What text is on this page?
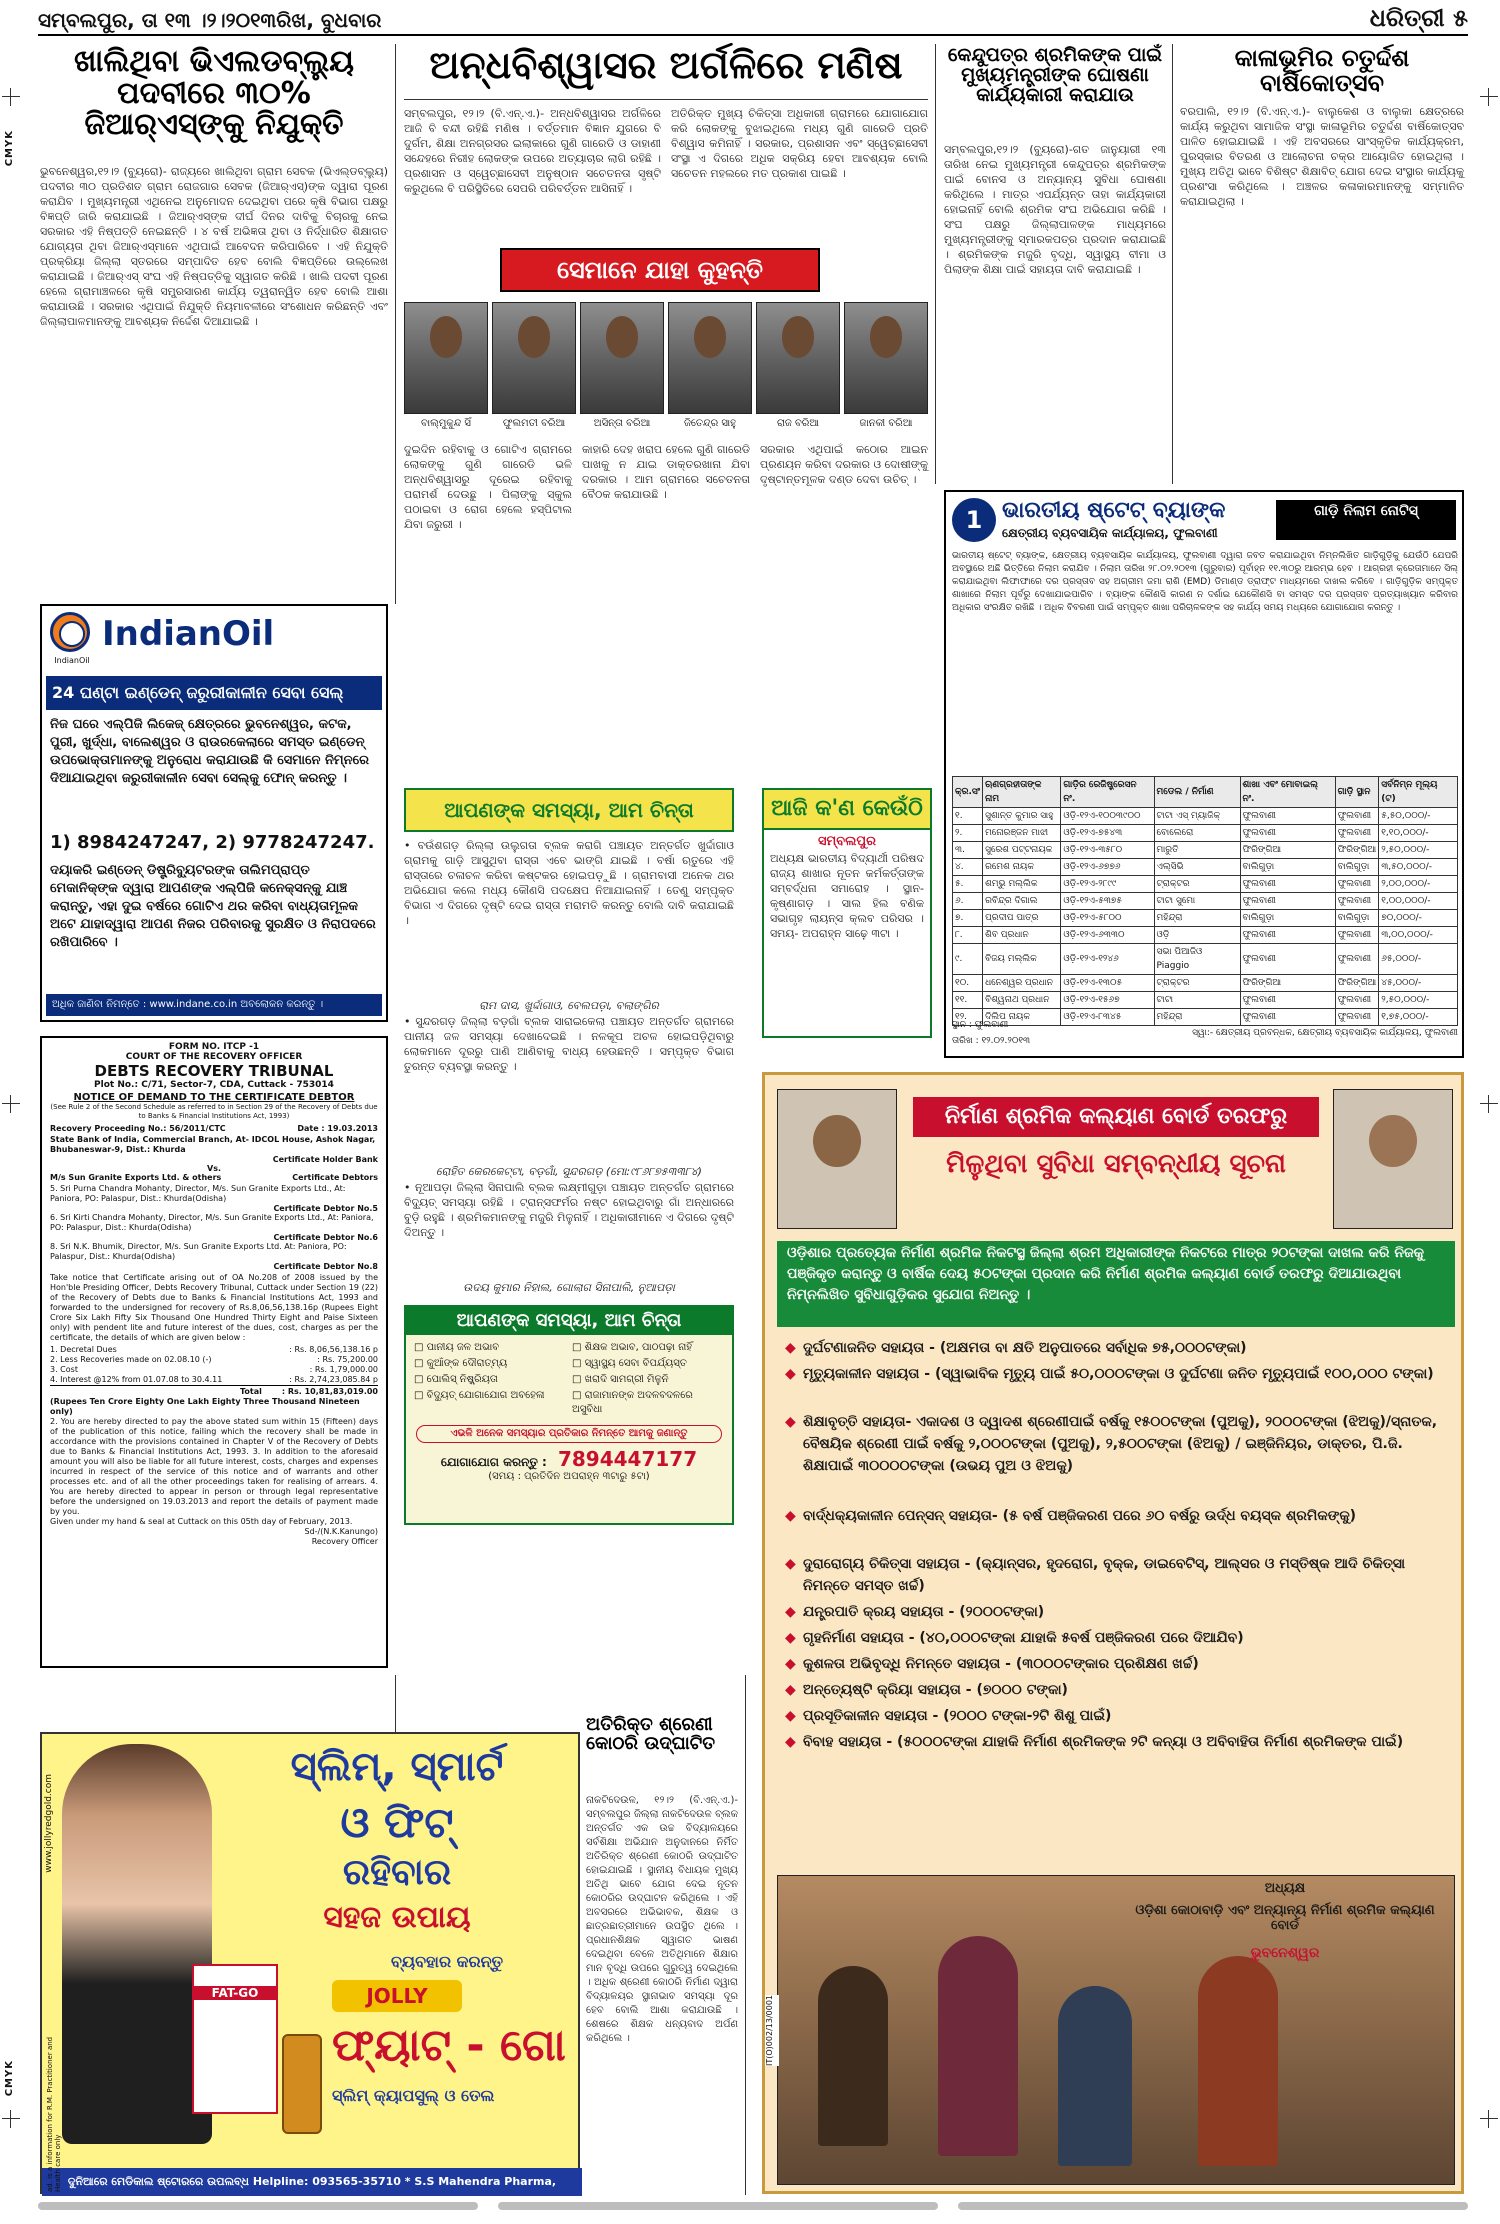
ସମ୍ବଲପୁର, ତା ୧୩ ।୨।୨୦୧୩ରିଖ, ବୁଧବାର	ଧରିତ୍ରୀ ୫
CMYK
CMYK
ଖାଲିଥିବା ଭିଏଲଡବ୍ଲ୍ୟୁ ପଦବୀରେ ୩୦% ଜିଆର୍‌ଏସ୍‌ଙ୍କୁ ନିଯୁକ୍ତି
ଭୁବନେଶ୍ୱର,୧୨।୨ (ବ୍ୟୁରୋ)- ରାଜ୍ୟରେ ଖାଲିଥିବା ଗ୍ରାମ ସେବକ (ଭିଏଲ୍‌ଡବ୍ଲ୍ୟୁ) ପଦବୀର ୩୦ ପ୍ରତିଶତ ଗ୍ରାମ ରୋଜଗାର ସେବକ (ଜିଆର୍‌ଏସ୍)ଙ୍କ ଦ୍ୱାରା ପୂରଣ କରାଯିବ । ମୁଖ୍ୟମନ୍ତ୍ରୀ ଏଥିନେଇ ଅନୁମୋଦନ ଦେଇଥିବା ପରେ କୃଷି ବିଭାଗ ପକ୍ଷରୁ ବିଜ୍ଞପ୍ତି ଜାରି କରାଯାଇଛି । ଜିଆର୍‌ଏସ୍‌ଙ୍କ ଦୀର୍ଘ ଦିନର ଦାବିକୁ ବିଚାରକୁ ନେଇ ସରକାର ଏହି ନିଷ୍ପତ୍ତି ନେଇଛନ୍ତି । ୪ ବର୍ଷ ଅଭିଜ୍ଞତା ଥିବା ଓ ନିର୍ଦ୍ଧାରିତ ଶିକ୍ଷାଗତ ଯୋଗ୍ୟତା ଥିବା ଜିଆର୍‌ଏସ୍‌ମାନେ ଏଥିପାଇଁ ଆବେଦନ କରିପାରିବେ । ଏହି ନିଯୁକ୍ତି ପ୍ରକ୍ରିୟା ଜିଲ୍ଲା ସ୍ତରରେ ସମ୍ପାଦିତ ହେବ ବୋଲି ବିଜ୍ଞପ୍ତିରେ ଉଲ୍ଲେଖ କରାଯାଇଛି । ଜିଆର୍‌ଏସ୍ ସଂଘ ଏହି ନିଷ୍ପତ୍ତିକୁ ସ୍ୱାଗତ କରିଛି । ଖାଲି ପଦବୀ ପୂରଣ ହେଲେ ଗ୍ରାମାଞ୍ଚଳରେ କୃଷି ସମ୍ପ୍ରସାରଣ କାର୍ଯ୍ୟ ତ୍ୱରାନ୍ୱିତ ହେବ ବୋଲି ଆଶା କରାଯାଉଛି । ସରକାର ଏଥିପାଇଁ ନିଯୁକ୍ତି ନିୟମାବଳୀରେ ସଂଶୋଧନ କରିଛନ୍ତି ଏବଂ ଜିଲ୍ଲାପାଳମାନଙ୍କୁ ଆବଶ୍ୟକ ନିର୍ଦ୍ଦେଶ ଦିଆଯାଇଛି ।
ଅନ୍ଧବିଶ୍ୱାସର ଅର୍ଗଳିରେ ମଣିଷ
ସମ୍ବଲପୁର, ୧୨।୨ (ବି.ଏନ୍.ଏ.)- ଅନ୍ଧବିଶ୍ୱାସର ଅର୍ଗଳିରେ ଆଜି ବି ବନ୍ଦୀ ରହିଛି ମଣିଷ । ବର୍ତ୍ତମାନ ବିଜ୍ଞାନ ଯୁଗରେ ବି ଦୁର୍ଗମ, ଶିକ୍ଷା ଅନଗ୍ରସର ଇଲାକାରେ ଗୁଣି ଗାରେଡି ଓ ଡାହାଣୀ ସନ୍ଦେହରେ ନିରୀହ ଲୋକଙ୍କ ଉପରେ ଅତ୍ୟାଚାର ଲାଗି ରହିଛି । ପ୍ରଶାସନ ଓ ସ୍ୱେଚ୍ଛାସେବୀ ଅନୁଷ୍ଠାନ ସଚେତନତା ସୃଷ୍ଟି କରୁଥିଲେ ବି ପରିସ୍ଥିତିରେ ସେପରି ପରିବର୍ତ୍ତନ ଆସିନାହିଁ ।
ଅତିରିକ୍ତ ମୁଖ୍ୟ ଚିକିତ୍ସା ଅଧିକାରୀ ଗ୍ରାମରେ ଯୋଗାଯୋଗ କରି ଲୋକଙ୍କୁ ବୁଝାଇଥିଲେ ମଧ୍ୟ ଗୁଣି ଗାରେଡି ପ୍ରତି ବିଶ୍ୱାସ କମିନାହିଁ । ସରକାର, ପ୍ରଶାସନ ଏବଂ ସ୍ୱେଚ୍ଛାସେବୀ ସଂସ୍ଥା ଏ ଦିଗରେ ଅଧିକ ସକ୍ରିୟ ହେବା ଆବଶ୍ୟକ ବୋଲି ସଚେତନ ମହଲରେ ମତ ପ୍ରକାଶ ପାଇଛି ।
ସେମାନେ ଯାହା କୁହନ୍ତି
ବାଲ୍ମୁକୁନ୍ଦ ସିଁ	ଫୁଲମତୀ ବରିଆ	ଅସିନ୍ତା ବରିଆ	ଜିତେନ୍ଦ୍ର ସାହୁ	ରାଜ ବରିଆ	ଜାନକୀ ବରିଆ
ଦୁଇଦିନ ରହିବାକୁ ଓ ଗୋଟିଏ ଗ୍ରାମରେ ଲୋକଙ୍କୁ ଗୁଣି ଗାରେଡି ଭଳି ଅନ୍ଧବିଶ୍ୱାସରୁ ଦୂରେଇ ରହିବାକୁ ପରାମର୍ଶ ଦେଉଛୁ । ପିଲାଙ୍କୁ ସ୍କୁଲ ପଠାଇବା ଓ ରୋଗ ହେଲେ ହସ୍ପିଟାଲ ଯିବା ଜରୁରୀ ।
କାହାରି ଦେହ ଖରାପ ହେଲେ ଗୁଣି ଗାରେଡି ପାଖକୁ ନ ଯାଇ ଡାକ୍ତରଖାନା ଯିବା ଦରକାର । ଆମ ଗ୍ରାମରେ ସଚେତନତା ବୈଠକ କରାଯାଉଛି ।
ସରକାର ଏଥିପାଇଁ କଠୋର ଆଇନ ପ୍ରଣୟନ କରିବା ଦରକାର ଓ ଦୋଷୀଙ୍କୁ ଦୃଷ୍ଟାନ୍ତମୂଳକ ଦଣ୍ଡ ଦେବା ଉଚିତ୍ ।
କେନ୍ଦୁପତ୍ର ଶ୍ରମିକଙ୍କ ପାଇଁ ମୁଖ୍ୟମନ୍ତ୍ରୀଙ୍କ ଘୋଷଣା କାର୍ଯ୍ୟକାରୀ କରାଯାଉ
ସମ୍ବଲପୁର,୧୨।୨ (ବ୍ୟୁରୋ)-ଗତ ଜାନୁୟାରୀ ୧୩ ତାରିଖ ନେଇ ମୁଖ୍ୟମନ୍ତ୍ରୀ କେନ୍ଦୁପତ୍ର ଶ୍ରମିକଙ୍କ ପାଇଁ ବୋନସ ଓ ଅନ୍ୟାନ୍ୟ ସୁବିଧା ଘୋଷଣା କରିଥିଲେ । ମାତ୍ର ଏପର୍ଯ୍ୟନ୍ତ ତାହା କାର୍ଯ୍ୟକାରୀ ହୋଇନାହିଁ ବୋଲି ଶ୍ରମିକ ସଂଘ ଅଭିଯୋଗ କରିଛି । ସଂଘ ପକ୍ଷରୁ ଜିଲ୍ଲାପାଳଙ୍କ ମାଧ୍ୟମରେ ମୁଖ୍ୟମନ୍ତ୍ରୀଙ୍କୁ ସ୍ମାରକପତ୍ର ପ୍ରଦାନ କରାଯାଇଛି । ଶ୍ରମିକଙ୍କ ମଜୁରି ବୃଦ୍ଧି, ସ୍ୱାସ୍ଥ୍ୟ ବୀମା ଓ ପିଲାଙ୍କ ଶିକ୍ଷା ପାଇଁ ସହାୟତା ଦାବି କରାଯାଇଛି ।
କାଳାଭୂମିର ଚତୁର୍ଦ୍ଦଶ ବାର୍ଷିକୋତ୍ସବ
ବରପାଲି, ୧୨।୨ (ବି.ଏନ୍.ଏ.)- ବାଲୁକେଶ ଓ ବାଲୁକା କ୍ଷେତ୍ରରେ କାର୍ଯ୍ୟ କରୁଥିବା ସାମାଜିକ ସଂସ୍ଥା କାଳାଭୂମିର ଚତୁର୍ଦ୍ଦଶ ବାର୍ଷିକୋତ୍ସବ ପାଳିତ ହୋଇଯାଇଛି । ଏହି ଅବସରରେ ସାଂସ୍କୃତିକ କାର୍ଯ୍ୟକ୍ରମ, ପୁରସ୍କାର ବିତରଣ ଓ ଆଲୋଚନା ଚକ୍ର ଆୟୋଜିତ ହୋଇଥିଲା । ମୁଖ୍ୟ ଅତିଥି ଭାବେ ବିଶିଷ୍ଟ ଶିକ୍ଷାବିତ୍ ଯୋଗ ଦେଇ ସଂସ୍ଥାର କାର୍ଯ୍ୟକୁ ପ୍ରଶଂସା କରିଥିଲେ । ଅଞ୍ଚଳର କଳାକାରମାନଙ୍କୁ ସମ୍ମାନିତ କରାଯାଇଥିଲା ।
IndianOil
IndianOil
24 ଘଣ୍ଟା ଇଣ୍ଡେନ୍ ଜରୁରୀକାଳୀନ ସେବା ସେଲ୍
ନିଜ ଘରେ ଏଲ୍‌ପିଜି ଲିକେଜ୍ କ୍ଷେତ୍ରରେ ଭୁବନେଶ୍ୱର, କଟକ, ପୁରୀ, ଖୁର୍ଦ୍ଧା, ବାଲେଶ୍ୱର ଓ ରାଉରକେଲାରେ ସମସ୍ତ ଇଣ୍ଡେନ୍ ଉପଭୋକ୍ତାମାନଙ୍କୁ ଅନୁରୋଧ କରାଯାଉଛି କି ସେମାନେ ନିମ୍ନରେ ଦିଆଯାଇଥିବା ଜରୁରୀକାଳୀନ ସେବା ସେଲ୍‌କୁ ଫୋନ୍ କରନ୍ତୁ ।
1) 8984247247, 2) 9778247247.
ଦୟାକରି ଇଣ୍ଡେନ୍ ଡିଷ୍ଟ୍ରିବ୍ୟୁଟରଙ୍କ ତାଲିମପ୍ରାପ୍ତ ମେକାନିକ୍‌ଙ୍କ ଦ୍ୱାରା ଆପଣଙ୍କ ଏଲ୍‌ପିଜି କନେକ୍ସନ୍‌କୁ ଯାଞ୍ଚ କରାନ୍ତୁ, ଏହା ଦୁଇ ବର୍ଷରେ ଗୋଟିଏ ଥର କରିବା ବାଧ୍ୟତାମୂଳକ ଅଟେ ଯାହାଦ୍ୱାରା ଆପଣ ନିଜର ପରିବାରକୁ ସୁରକ୍ଷିତ ଓ ନିରାପଦରେ ରଖିପାରିବେ ।
ଅଧିକ ଜାଣିବା ନିମନ୍ତେ : www.indane.co.in ଅବଲୋକନ କରନ୍ତୁ ।
FORM NO. ITCP -1
COURT OF THE RECOVERY OFFICER
DEBTS RECOVERY TRIBUNAL
Plot No.: C/71, Sector-7, CDA, Cuttack - 753014
NOTICE OF DEMAND TO THE CERTIFICATE DEBTOR
(See Rule 2 of the Second Schedule as referred to in Section 29 of the Recovery of Debts due to Banks & Financial Institutions Act, 1993)
Recovery Proceeding No.: 56/2011/CTC	Date : 19.03.2013
State Bank of India, Commercial Branch, At- IDCOL House, Ashok Nagar, Bhubaneswar-9, Dist.: Khurda
Certificate Holder Bank
Vs.
M/s Sun Granite Exports Ltd. & others	Certificate Debtors
5. Sri Purna Chandra Mohanty, Director, M/s. Sun Granite Exports Ltd., At: Paniora, PO: Palaspur, Dist.: Khurda(Odisha)
Certificate Debtor No.5
6. Sri Kirti Chandra Mohanty, Director, M/s. Sun Granite Exports Ltd., At: Paniora, PO: Palaspur, Dist.: Khurda(Odisha)
Certificate Debtor No.6
8. Sri N.K. Bhumik, Director, M/s. Sun Granite Exports Ltd. At: Paniora, PO: Palaspur, Dist.: Khurda(Odisha)
Certificate Debtor No.8
Take notice that Certificate arising out of OA No.208 of 2008 issued by the Hon'ble Presiding Officer, Debts Recovery Tribunal, Cuttack under Section 19 (22) of the Recovery of Debts due to Banks & Financial Institutions Act, 1993 and forwarded to the undersigned for recovery of Rs.8,06,56,138.16p (Rupees Eight Crore Six Lakh Fifty Six Thousand One Hundred Thirty Eight and Paise Sixteen only) with pendent lite and future interest of the dues, cost, charges as per the certificate, the details of which are given below :
1. Decretal Dues	: Rs. 8,06,56,138.16 p
2. Less Recoveries made on 02.08.10 (-)	: Rs. 75,200.00
3. Cost	: Rs. 1,79,000.00
4. Interest @12% from 01.07.08 to 30.4.11	: Rs. 2,74,23,085.84 p
Total	: Rs. 10,81,83,019.00
(Rupees Ten Crore Eighty One Lakh Eighty Three Thousand Nineteen only)
2. You are hereby directed to pay the above stated sum within 15 (Fifteen) days of the publication of this notice, failing which the recovery shall be made in accordance with the provisions contained in Chapter V of the Recovery of Debts due to Banks & Financial Institutions Act, 1993. 3. In addition to the aforesaid amount you will also be liable for all future interest, costs, charges and expenses incurred in respect of the service of this notice and of warrants and other processes etc. and of all the other proceedings taken for realising of arrears. 4. You are hereby directed to appear in person or through legal representative before the undersigned on 19.03.2013 and report the details of payment made by you.
Given under my hand & seal at Cuttack on this 05th day of February, 2013.
Sd-/(N.K.Kanungo)
Recovery Officer
ଆପଣଙ୍କ ସମସ୍ୟା, ଆମ ଚିନ୍ତା
• ବଉଁଶଗଡ଼ ରିଲ୍ଲା ଉଲୁଗତା ବ୍ଲକ କରାଗି ପଞ୍ଚାୟତ ଅନ୍ତର୍ଗତ ଖୁର୍ଦ୍ଦାଗାଓ ଗ୍ରାମକୁ ଗାଡ଼ି ଆସୁଥିବା ରାସ୍ତା ଏବେ ଭାଙ୍ଗି ଯାଇଛି । ବର୍ଷା ଋତୁରେ ଏହି ରାସ୍ତାରେ ଚଳାଚଳ କରିବା କଷ୍ଟକର ହୋଇପଡ଼ୁଛି । ଗ୍ରାମବାସୀ ଅନେକ ଥର ଅଭିଯୋଗ କଲେ ମଧ୍ୟ କୌଣସି ପଦକ୍ଷେପ ନିଆଯାଇନାହିଁ । ତେଣୁ ସମ୍ପୃକ୍ତ ବିଭାଗ ଏ ଦିଗରେ ଦୃଷ୍ଟି ଦେଇ ରାସ୍ତା ମରାମତି କରନ୍ତୁ ବୋଲି ଦାବି କରାଯାଇଛି ।
ରାମ ଦାସ, ଖୁର୍ଦ୍ଦାଗାଓ, ବେଲପଡ଼ା, ବଲାଙ୍ଗିର
• ସୁନ୍ଦରଗଡ଼ ଜିଲ୍ଲା ବଡ଼ଗାଁ ବ୍ଲକ ସାରାଇକେଲା ପଞ୍ଚାୟତ ଅନ୍ତର୍ଗତ ଗ୍ରାମରେ ପାନୀୟ ଜଳ ସମସ୍ୟା ଦେଖାଦେଇଛି । ନଳକୂପ ଅଚଳ ହୋଇପଡ଼ିଥିବାରୁ ଲୋକମାନେ ଦୂରରୁ ପାଣି ଆଣିବାକୁ ବାଧ୍ୟ ହେଉଛନ୍ତି । ସମ୍ପୃକ୍ତ ବିଭାଗ ତୁରନ୍ତ ବ୍ୟବସ୍ଥା କରନ୍ତୁ ।
ରୋହିତ କେରକେଟ୍ଟା, ବଡ଼ଗାଁ, ସୁନ୍ଦରଗଡ଼ (ମୋ:୯୮୬୮୭୫୩୩୮୪)
• ନୂଆପଡ଼ା ଜିଲ୍ଲା ସିନାପାଲି ବ୍ଲକ ଲକ୍ଷ୍ମୀଗୁଡ଼ା ପଞ୍ଚାୟତ ଅନ୍ତର୍ଗତ ଗ୍ରାମରେ ବିଦ୍ୟୁତ୍ ସମସ୍ୟା ରହିଛି । ଟ୍ରାନ୍ସଫର୍ମର ନଷ୍ଟ ହୋଇଥିବାରୁ ଗାଁ ଅନ୍ଧାରରେ ବୁଡ଼ି ରହୁଛି । ଶ୍ରମିକମାନଙ୍କୁ ମଜୁରି ମିଳୁନାହିଁ । ଅଧିକାରୀମାନେ ଏ ଦିଗରେ ଦୃଷ୍ଟି ଦିଅନ୍ତୁ ।
ଉଦୟ କୁମାର ନିହାଲ, ଗୋଲାଗ ସିନାପାଲି, ନୁଆପଡ଼ା
ଆଜି କ'ଣ କେଉଁଠି
ସମ୍ବଲପୁର
ଅଧ୍ୟକ୍ଷ ଭାରତୀୟ ବିଦ୍ୟାର୍ଥୀ ପରିଷଦ ରାଜ୍ୟ ଶାଖାର ନୂତନ କର୍ମକର୍ତ୍ତାଙ୍କ ସମ୍ବର୍ଦ୍ଧନା ସମାରୋହ । ସ୍ଥାନ- କୃଷ୍ଣାଗଡ଼ । ସାଲ ହିଲ ବଣିକ ସଭାଗୃହ ଲାୟନ୍ସ କ୍ଲବ ପରିସର । ସମୟ- ଅପରାହ୍ନ ସାଢ଼େ ୩ଟା ।
ଆପଣଙ୍କ ସମସ୍ୟା, ଆମ ଚିନ୍ତା
□ ପାନୀୟ ଜଳ ଅଭାବ	□ ଶିକ୍ଷକ ଅଭାବ, ପାଠପଢ଼ା ନାହିଁ
□ କୁଆଁଙ୍କ ଦୌରାତ୍ମ୍ୟ	□ ସ୍ୱାସ୍ଥ୍ୟ ସେବା ବିପର୍ଯ୍ୟସ୍ତ
□ ପୋଲିସ୍ ନିଷ୍କ୍ରିୟତା	□ ଖରାଦି ସାମଗ୍ରୀ ମିଳୁନି
□ ବିଦ୍ୟୁତ୍ ଯୋଗାଯୋଗ ଅବହେଳା	□ ରାଜାମାନଙ୍କ ଅଦଳବଦଳରେ ଅସୁବିଧା
ଏଭଳି ଅନେକ ସମସ୍ୟାର ପ୍ରତିକାର ନିମନ୍ତେ ଆମକୁ ଜଣାନ୍ତୁ
ଯୋଗାଯୋଗ କରନ୍ତୁ : 7894447177
(ସମୟ : ପ୍ରତିଦିନ ଅପରାହ୍ନ ୩ଟାରୁ ୫ଟା)
1 ଭାରତୀୟ ଷ୍ଟେଟ୍ ବ୍ୟାଙ୍କ
କ୍ଷେତ୍ରୀୟ ବ୍ୟବସାୟିକ କାର୍ଯ୍ୟାଳୟ, ଫୁଲବାଣୀ
ଗାଡ଼ି ନିଲାମ ନୋଟିସ୍
ଭାରତୀୟ ଷ୍ଟେଟ୍ ବ୍ୟାଙ୍କ, କ୍ଷେତ୍ରୀୟ ବ୍ୟବସାୟିକ କାର୍ଯ୍ୟାଳୟ, ଫୁଲବାଣୀ ଦ୍ୱାରା ଜବତ କରାଯାଇଥିବା ନିମ୍ନଲିଖିତ ଗାଡ଼ିଗୁଡ଼ିକୁ ଯେଉଁଠି ଯେପରି ଅବସ୍ଥାରେ ଅଛି ଭିତ୍ତିରେ ନିଲାମ କରାଯିବ । ନିଲାମ ତାରିଖ ୨୮.୦୨.୨୦୧୩ (ଗୁରୁବାର) ପୂର୍ବାହ୍ନ ୧୧.୩୦ରୁ ଆରମ୍ଭ ହେବ । ଆଗ୍ରହୀ କ୍ରେତାମାନେ ସିଲ୍ କରାଯାଇଥିବା ଲିଫାଫାରେ ଦର ପ୍ରସ୍ତାବ ସହ ଅଗ୍ରୀମ ଜମା ରାଶି (EMD) ଡିମାଣ୍ଡ ଡ୍ରାଫ୍ଟ ମାଧ୍ୟମରେ ଦାଖଲ କରିବେ । ଗାଡ଼ିଗୁଡ଼ିକ ସମ୍ପୃକ୍ତ ଶାଖାରେ ନିଲାମ ପୂର୍ବରୁ ଦେଖାଯାଇପାରିବ । ବ୍ୟାଙ୍କ କୌଣସି କାରଣ ନ ଦର୍ଶାଇ ଯେକୌଣସି ବା ସମସ୍ତ ଦର ପ୍ରସ୍ତାବ ପ୍ରତ୍ୟାଖ୍ୟାନ କରିବାର ଅଧିକାର ସଂରକ୍ଷିତ ରଖିଛି । ଅଧିକ ବିବରଣୀ ପାଇଁ ସମ୍ପୃକ୍ତ ଶାଖା ପରିଚାଳକଙ୍କ ସହ କାର୍ଯ୍ୟ ସମୟ ମଧ୍ୟରେ ଯୋଗାଯୋଗ କରନ୍ତୁ ।
କ୍ର.ସଂ	ଋଣଗ୍ରହୀତାଙ୍କ ନାମ	ଗାଡ଼ିର ରେଜିଷ୍ଟ୍ରେସନ ନଂ.	ମଡେଲ / ନିର୍ମାଣ	ଶାଖା ଏବଂ ମୋବାଇଲ୍ ନଂ.	ଗାଡ଼ି ସ୍ଥାନ	ସର୍ବନିମ୍ନ ମୂଲ୍ୟ (ଟ)
୧.	ସୁଶାନ୍ତ କୁମାର ସାହୁ	ଓଡ଼ି-୧୨ଏ-୧୦୦୩୯୦୦	ଟାଟା ଏସ୍ ମ୍ୟାଜିକ୍	ଫୁଲବାଣୀ	ଫୁଲବାଣୀ	୫,୫୦,୦୦୦/-
୨.	ମନୋରଞ୍ଜନ ମାଝୀ	ଓଡ଼ି-୧୨ଏ-୭୫୪୩	ବୋଲେରୋ	ଫୁଲବାଣୀ	ଫୁଲବାଣୀ	୧,୧୦,୦୦୦/-
୩.	ସୁରେଶ ପଟ୍ଟନାୟକ	ଓଡ଼ି-୧୨ଏ-୩୫୮୦	ମାରୁତି	ଫିରିଙ୍ଗିଆ	ଫିରିଙ୍ଗିଆ	୨,୫୦,୦୦୦/-
୪.	ରମେଶ ନାୟକ	ଓଡ଼ି-୧୨ଏ-୬୭୭୬	ଏଲ୍‌ସିଭି	ବାଲିଗୁଡ଼ା	ବାଲିଗୁଡ଼ା	୩,୫୦,୦୦୦/-
୫.	ଶମ୍ଭୁ ମଲ୍ଲିକ	ଓଡ଼ି-୧୨ଏ-୨୮୯୯	ଟ୍ରାକ୍ଟର	ଫୁଲବାଣୀ	ଫୁଲବାଣୀ	୨,୦୦,୦୦୦/-
୬.	ରବିନ୍ଦ୍ର ଦିଗାଲ	ଓଡ଼ି-୧୨ଏ-୫୩୭୫	ଟାଟା ସୁମୋ	ଫୁଲବାଣୀ	ଫୁଲବାଣୀ	୧,୦୦,୦୦୦/-
୭.	ପ୍ରଦୀପ ପାତ୍ର	ଓଡ଼ି-୧୨ଏ-୫୮୦୦	ମହିନ୍ଦ୍ରା	ବାଲିଗୁଡ଼ା	ବାଲିଗୁଡ଼ା	୭୦,୦୦୦/-
୮.	ଶିବ ପ୍ରଧାନ	ଓଡ଼ି-୧୨ଏ-୬୩୩୦	ଓଡ଼ି	ଫୁଲବାଣୀ	ଫୁଲବାଣୀ	୩,୦୦,୦୦୦/-
୯.	ବିଜୟ ମଲ୍ଲିକ	ଓଡ଼ି-୧୨ଏ-୧୨୪୬	ସଭା ପିଆଜିଓ Piaggio	ଫୁଲବାଣୀ	ଫୁଲବାଣୀ	୬୫,୦୦୦/-
୧୦.	ଧନେଶ୍ୱର ପ୍ରଧାନ	ଓଡ଼ି-୧୨ଏ-୧୩୦୫	ଟ୍ରାକ୍ଟର	ଫିରିଙ୍ଗିଆ	ଫିରିଙ୍ଗିଆ	୪୫,୦୦୦/-
୧୧.	ବିଶ୍ୱନାଥ ପ୍ରଧାନ	ଓଡ଼ି-୧୨ଏ-୧୫୬୭	ଟାଟା	ଫୁଲବାଣୀ	ଫୁଲବାଣୀ	୨,୫୦,୦୦୦/-
୧୨.	ଦିଲିପ ନାୟକ	ଓଡ଼ି-୧୨ଏ-୮୩୪୫	ମହିନ୍ଦ୍ରା	ଫୁଲବାଣୀ	ଫୁଲବାଣୀ	୧,୭୫,୦୦୦/-
ସ୍ଥାନ : ଫୁଲବାଣୀ
ତାରିଖ : ୧୨.୦୨.୨୦୧୩
ସ୍ୱା:- କ୍ଷେତ୍ରୀୟ ପ୍ରବନ୍ଧକ, କ୍ଷେତ୍ରୀୟ ବ୍ୟବସାୟିକ କାର୍ଯ୍ୟାଳୟ, ଫୁଲବାଣୀ
ନିର୍ମାଣ ଶ୍ରମିକ କଲ୍ୟାଣ ବୋର୍ଡ ତରଫରୁ
ମିଳୁଥିବା ସୁବିଧା ସମ୍ବନ୍ଧୀୟ ସୂଚନା
ଓଡ଼ିଶାର ପ୍ରତ୍ୟେକ ନିର୍ମାଣ ଶ୍ରମିକ ନିକଟସ୍ଥ ଜିଲ୍ଲା ଶ୍ରମ ଅଧିକାରୀଙ୍କ ନିକଟରେ ମାତ୍ର ୨୦ଟଙ୍କା ଦାଖଲ କରି ନିଜକୁ ପଞ୍ଜିକୃତ କରାନ୍ତୁ ଓ ବାର୍ଷିକ ଦେୟ ୫୦ଟଙ୍କା ପ୍ରଦାନ କରି ନିର୍ମାଣ ଶ୍ରମିକ କଲ୍ୟାଣ ବୋର୍ଡ ତରଫରୁ ଦିଆଯାଉଥିବା ନିମ୍ନଲିଖିତ ସୁବିଧାଗୁଡ଼ିକର ସୁଯୋଗ ନିଅନ୍ତୁ ।
◆ ଦୁର୍ଘଟଣାଜନିତ ସହାୟତା - (ଅକ୍ଷମତା ବା କ୍ଷତି ଅନୁପାତରେ ସର୍ବାଧିକ ୭୫,୦୦୦ଟଙ୍କା)
◆ ମୃତ୍ୟୁକାଳୀନ ସହାୟତା - (ସ୍ୱାଭାବିକ ମୃତ୍ୟୁ ପାଇଁ ୫୦,୦୦୦ଟଙ୍କା ଓ ଦୁର୍ଘଟଣା ଜନିତ ମୃତ୍ୟୁପାଇଁ ୧୦୦,୦୦୦ ଟଙ୍କା)
◆ ଶିକ୍ଷାବୃତ୍ତି ସହାୟତା- ଏକାଦଶ ଓ ଦ୍ୱାଦଶ ଶ୍ରେଣୀପାଇଁ ବର୍ଷକୁ ୧୫୦୦ଟଙ୍କା (ପୁଅକୁ), ୨୦୦୦ଟଙ୍କା (ଝିଅକୁ)/ସ୍ନାତକ, ବୈଷୟିକ ଶ୍ରେଣୀ ପାଇଁ ବର୍ଷକୁ ୨,୦୦୦ଟଙ୍କା (ପୁଅକୁ), ୨,୫୦୦ଟଙ୍କା (ଝିଅକୁ) / ଇଞ୍ଜିନିୟର, ଡାକ୍ତର, ପି.ଜି. ଶିକ୍ଷାପାଇଁ ୩୦୦୦୦ଟଙ୍କା (ଉଭୟ ପୁଅ ଓ ଝିଅକୁ)
◆ ବାର୍ଦ୍ଧକ୍ୟକାଳୀନ ପେନ୍‌ସନ୍ ସହାୟତା- (୫ ବର୍ଷ ପଞ୍ଜିକରଣ ପରେ ୬୦ ବର୍ଷରୁ ଉର୍ଦ୍ଧ ବୟସ୍କ ଶ୍ରମିକଙ୍କୁ)
◆ ଦୁରାରୋଗ୍ୟ ଚିକିତ୍ସା ସହାୟତା - (କ୍ୟାନ୍‌ସର, ହୃଦରୋଗ, ବୃକ୍କ, ଡାଇବେଟିସ୍, ଆଲ୍‌ସର ଓ ମସ୍ତିଷ୍କ ଆଦି ଚିକିତ୍ସା ନିମନ୍ତେ ସମସ୍ତ ଖର୍ଚ୍ଚ)
◆ ଯନ୍ତ୍ରପାତି କ୍ରୟ ସହାୟତା - (୨୦୦୦ଟଙ୍କା)
◆ ଗୃହନିର୍ମାଣ ସହାୟତା - (୪୦,୦୦୦ଟଙ୍କା ଯାହାକି ୫ବର୍ଷ ପଞ୍ଜିକରଣ ପରେ ଦିଆଯିବ)
◆ କୁଶଳତା ଅଭିବୃଦ୍ଧି ନିମନ୍ତେ ସହାୟତା - (୩୦୦୦ଟଙ୍କାର ପ୍ରଶିକ୍ଷଣ ଖର୍ଚ୍ଚ)
◆ ଅନ୍ତ୍ୟେଷ୍ଟି କ୍ରିୟା ସହାୟତା - (୭୦୦୦ ଟଙ୍କା)
◆ ପ୍ରସୂତିକାଳୀନ ସହାୟତା - (୨୦୦୦ ଟଙ୍କା-୨ଟି ଶିଶୁ ପାଇଁ)
◆ ବିବାହ ସହାୟତା - (୫୦୦୦ଟଙ୍କା ଯାହାକି ନିର୍ମାଣ ଶ୍ରମିକଙ୍କ ୨ଟି କନ୍ୟା ଓ ଅବିବାହିତା ନିର୍ମାଣ ଶ୍ରମିକଙ୍କ ପାଇଁ)
ଅଧ୍ୟକ୍ଷ
ଓଡ଼ିଶା କୋଠାବାଡ଼ି ଏବଂ ଅନ୍ୟାନ୍ୟ ନିର୍ମାଣ ଶ୍ରମିକ କଲ୍ୟାଣ ବୋର୍ଡ
ଭୁବନେଶ୍ୱର
IT(O)002/13/0001
ଅତିରିକ୍ତ ଶ୍ରେଣୀ କୋଠରି ଉଦ୍‌ଘାଟିତ
ନାକଟିଦେଉଳ, ୧୨।୨ (ବି.ଏନ୍.ଏ.)- ସମ୍ବଲପୁର ଜିଲ୍ଲା ନାକଟିଦେଉଳ ବ୍ଲକ ଅନ୍ତର୍ଗତ ଏକ ଉଚ୍ଚ ବିଦ୍ୟାଳୟରେ ସର୍ବଶିକ୍ଷା ଅଭିଯାନ ଅନୁଦାନରେ ନିର୍ମିତ ଅତିରିକ୍ତ ଶ୍ରେଣୀ କୋଠରି ଉଦ୍‌ଘାଟିତ ହୋଇଯାଇଛି । ସ୍ଥାନୀୟ ବିଧାୟକ ମୁଖ୍ୟ ଅତିଥି ଭାବେ ଯୋଗ ଦେଇ ନୂତନ କୋଠରିର ଉଦ୍‌ଘାଟନ କରିଥିଲେ । ଏହି ଅବସରରେ ଅଭିଭାବକ, ଶିକ୍ଷକ ଓ ଛାତ୍ରଛାତ୍ରୀମାନେ ଉପସ୍ଥିତ ଥିଲେ । ପ୍ରଧାନଶିକ୍ଷକ ସ୍ୱାଗତ ଭାଷଣ ଦେଇଥିବା ବେଳେ ଅତିଥିମାନେ ଶିକ୍ଷାର ମାନ ବୃଦ୍ଧି ଉପରେ ଗୁରୁତ୍ୱ ଦେଇଥିଲେ । ଅଧିକ ଶ୍ରେଣୀ କୋଠରି ନିର୍ମାଣ ଦ୍ୱାରା ବିଦ୍ୟାଳୟର ସ୍ଥାନାଭାବ ସମସ୍ୟା ଦୂର ହେବ ବୋଲି ଆଶା କରାଯାଉଛି । ଶେଷରେ ଶିକ୍ଷକ ଧନ୍ୟବାଦ ଅର୍ପଣ କରିଥିଲେ ।
www.jollyredgold.com
ସ୍ଲିମ୍, ସ୍ମାର୍ଟ
ଓ ଫିଟ୍
ରହିବାର
ସହଜ ଉପାୟ
ବ୍ୟବହାର କରନ୍ତୁ
FAT-GO	JOLLY
ଫ୍ୟାଟ୍ - ଗୋ
ସ୍ଲିମ୍ କ୍ୟାପସୁଲ୍ ଓ ତେଲ
ଦୁନିଆରେ ମେଡିକାଲ ଷ୍ଟୋରରେ ଉପଲବ୍ଧ Helpline: 093565-35710 * S.S Mahendra Pharma,
ad. is a information for R.M. Practitioner and Health care only
